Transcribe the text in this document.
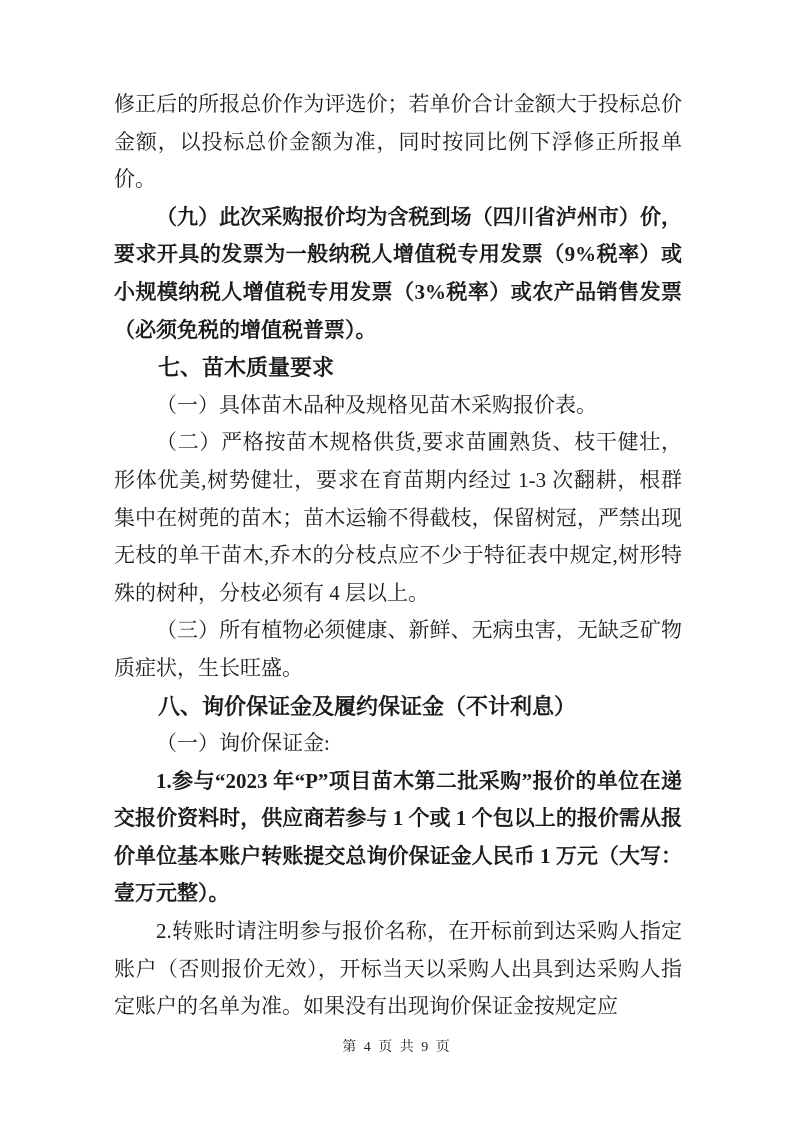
修正后的所报总价作为评选价；若单价合计金额大于投标总价金额，以投标总价金额为准，同时按同比例下浮修正所报单价。

（九）此次采购报价均为含税到场（四川省泸州市）价，要求开具的发票为一般纳税人增值税专用发票（9%税率）或小规模纳税人增值税专用发票（3%税率）或农产品销售发票（必须免税的增值税普票）。

七、苗木质量要求

（一）具体苗木品种及规格见苗木采购报价表。

（二）严格按苗木规格供货,要求苗圃熟货、枝干健壮，形体优美,树势健壮，要求在育苗期内经过 1-3 次翻耕，根群集中在树蔸的苗木；苗木运输不得截枝，保留树冠，严禁出现无枝的单干苗木,乔木的分枝点应不少于特征表中规定,树形特殊的树种，分枝必须有 4 层以上。

（三）所有植物必须健康、新鲜、无病虫害，无缺乏矿物质症状，生长旺盛。

八、询价保证金及履约保证金（不计利息）

（一）询价保证金:

1.参与“2023 年“P”项目苗木第二批采购”报价的单位在递交报价资料时，供应商若参与 1 个或 1 个包以上的报价需从报价单位基本账户转账提交总询价保证金人民币 1 万元（大写：壹万元整）。

2.转账时请注明参与报价名称，在开标前到达采购人指定账户（否则报价无效），开标当天以采购人出具到达采购人指定账户的名单为准。如果没有出现询价保证金按规定应

第 4 页 共 9 页
